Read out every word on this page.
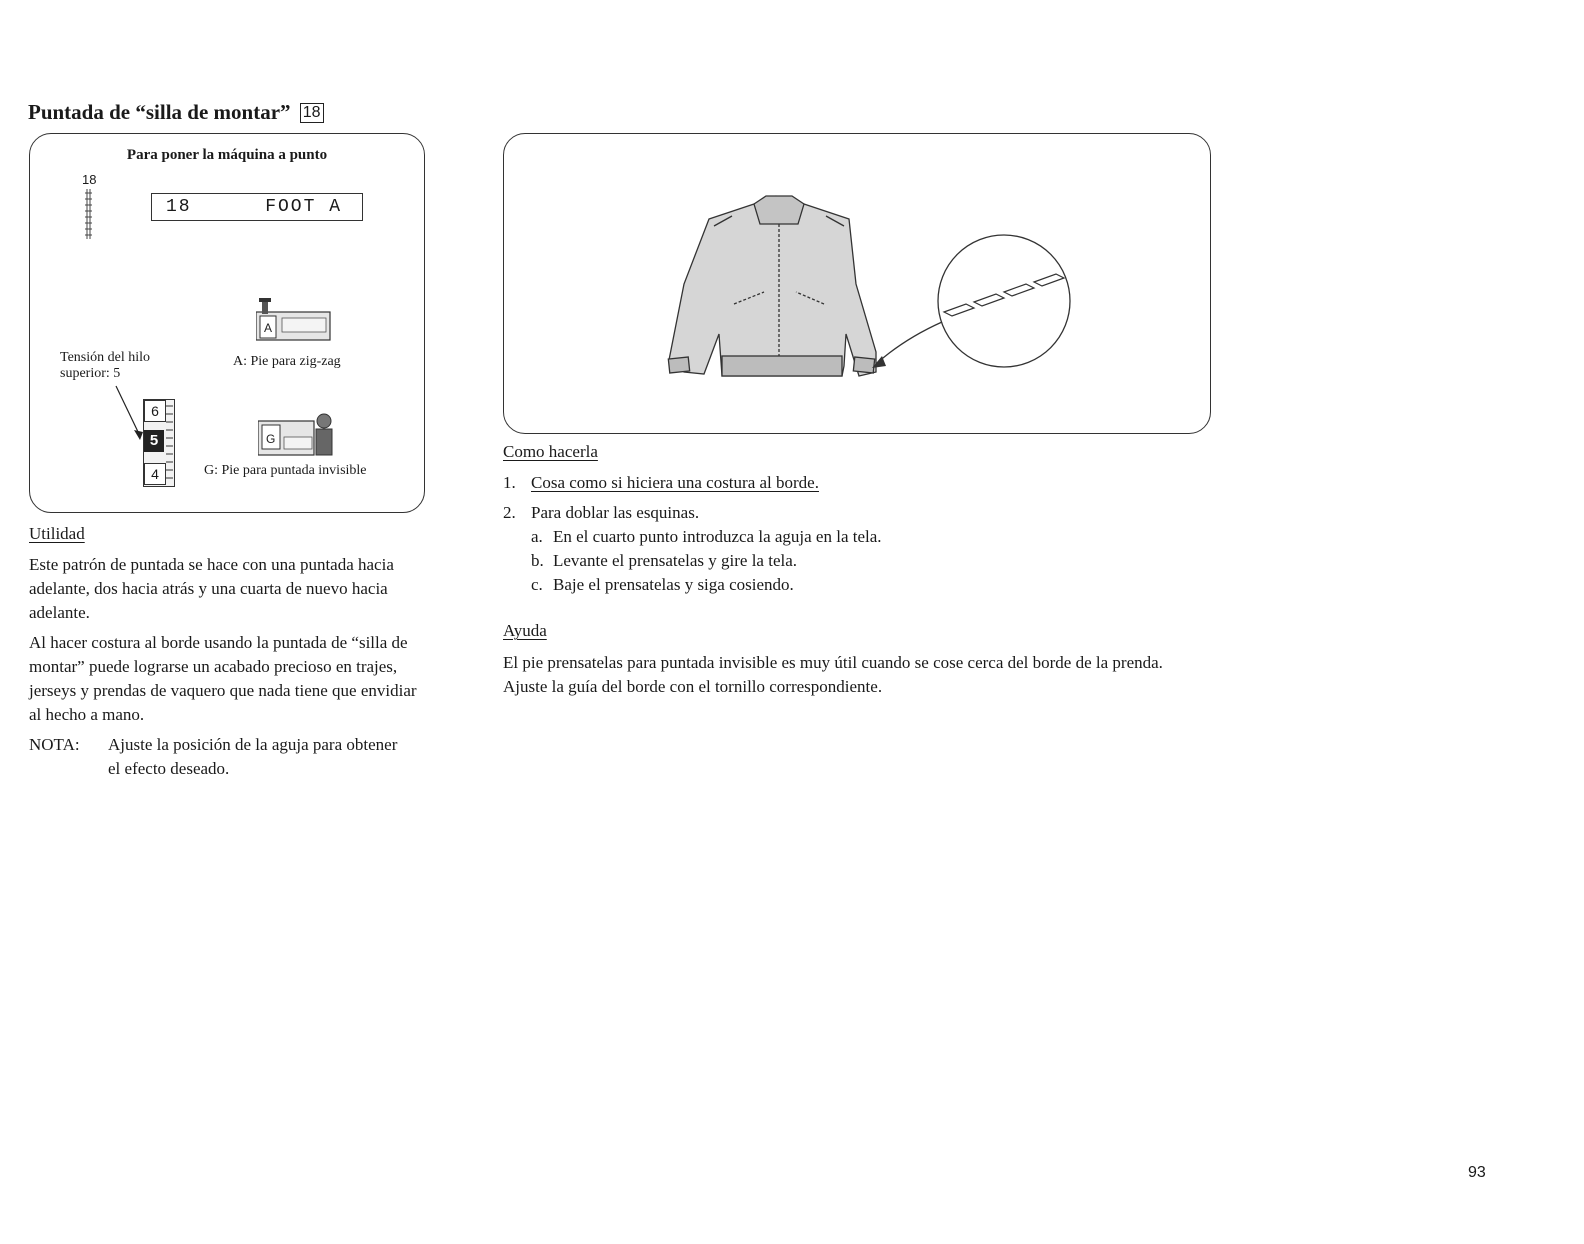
Puntada de “silla de montar” 18
Para poner la máquina a punto
18
18	FOOT A
A
A: Pie para zig-zag
Tensión del hilo superior: 5
6
5
4
G
G: Pie para puntada invisible
Utilidad

Este patrón de puntada se hace con una puntada hacia adelante, dos hacia atrás y una cuarta de nuevo hacia adelante.

Al hacer costura al borde usando la puntada de “silla de montar” puede lograrse un acabado precioso en trajes, jerseys y prendas de vaquero que nada tiene que envidiar al hecho a mano.

NOTA: Ajuste la posición de la aguja para obtener el efecto deseado.

Como hacerla
1. Cosa como si hiciera una costura al borde.
2. Para doblar las esquinas.
a. En el cuarto punto introduzca la aguja en la tela.
b. Levante el prensatelas y gire la tela.
c. Baje el prensatelas y siga cosiendo.
Ayuda

El pie prensatelas para puntada invisible es muy útil cuando se cose cerca del borde de la prenda. Ajuste la guía del borde con el tornillo correspondiente.

93
